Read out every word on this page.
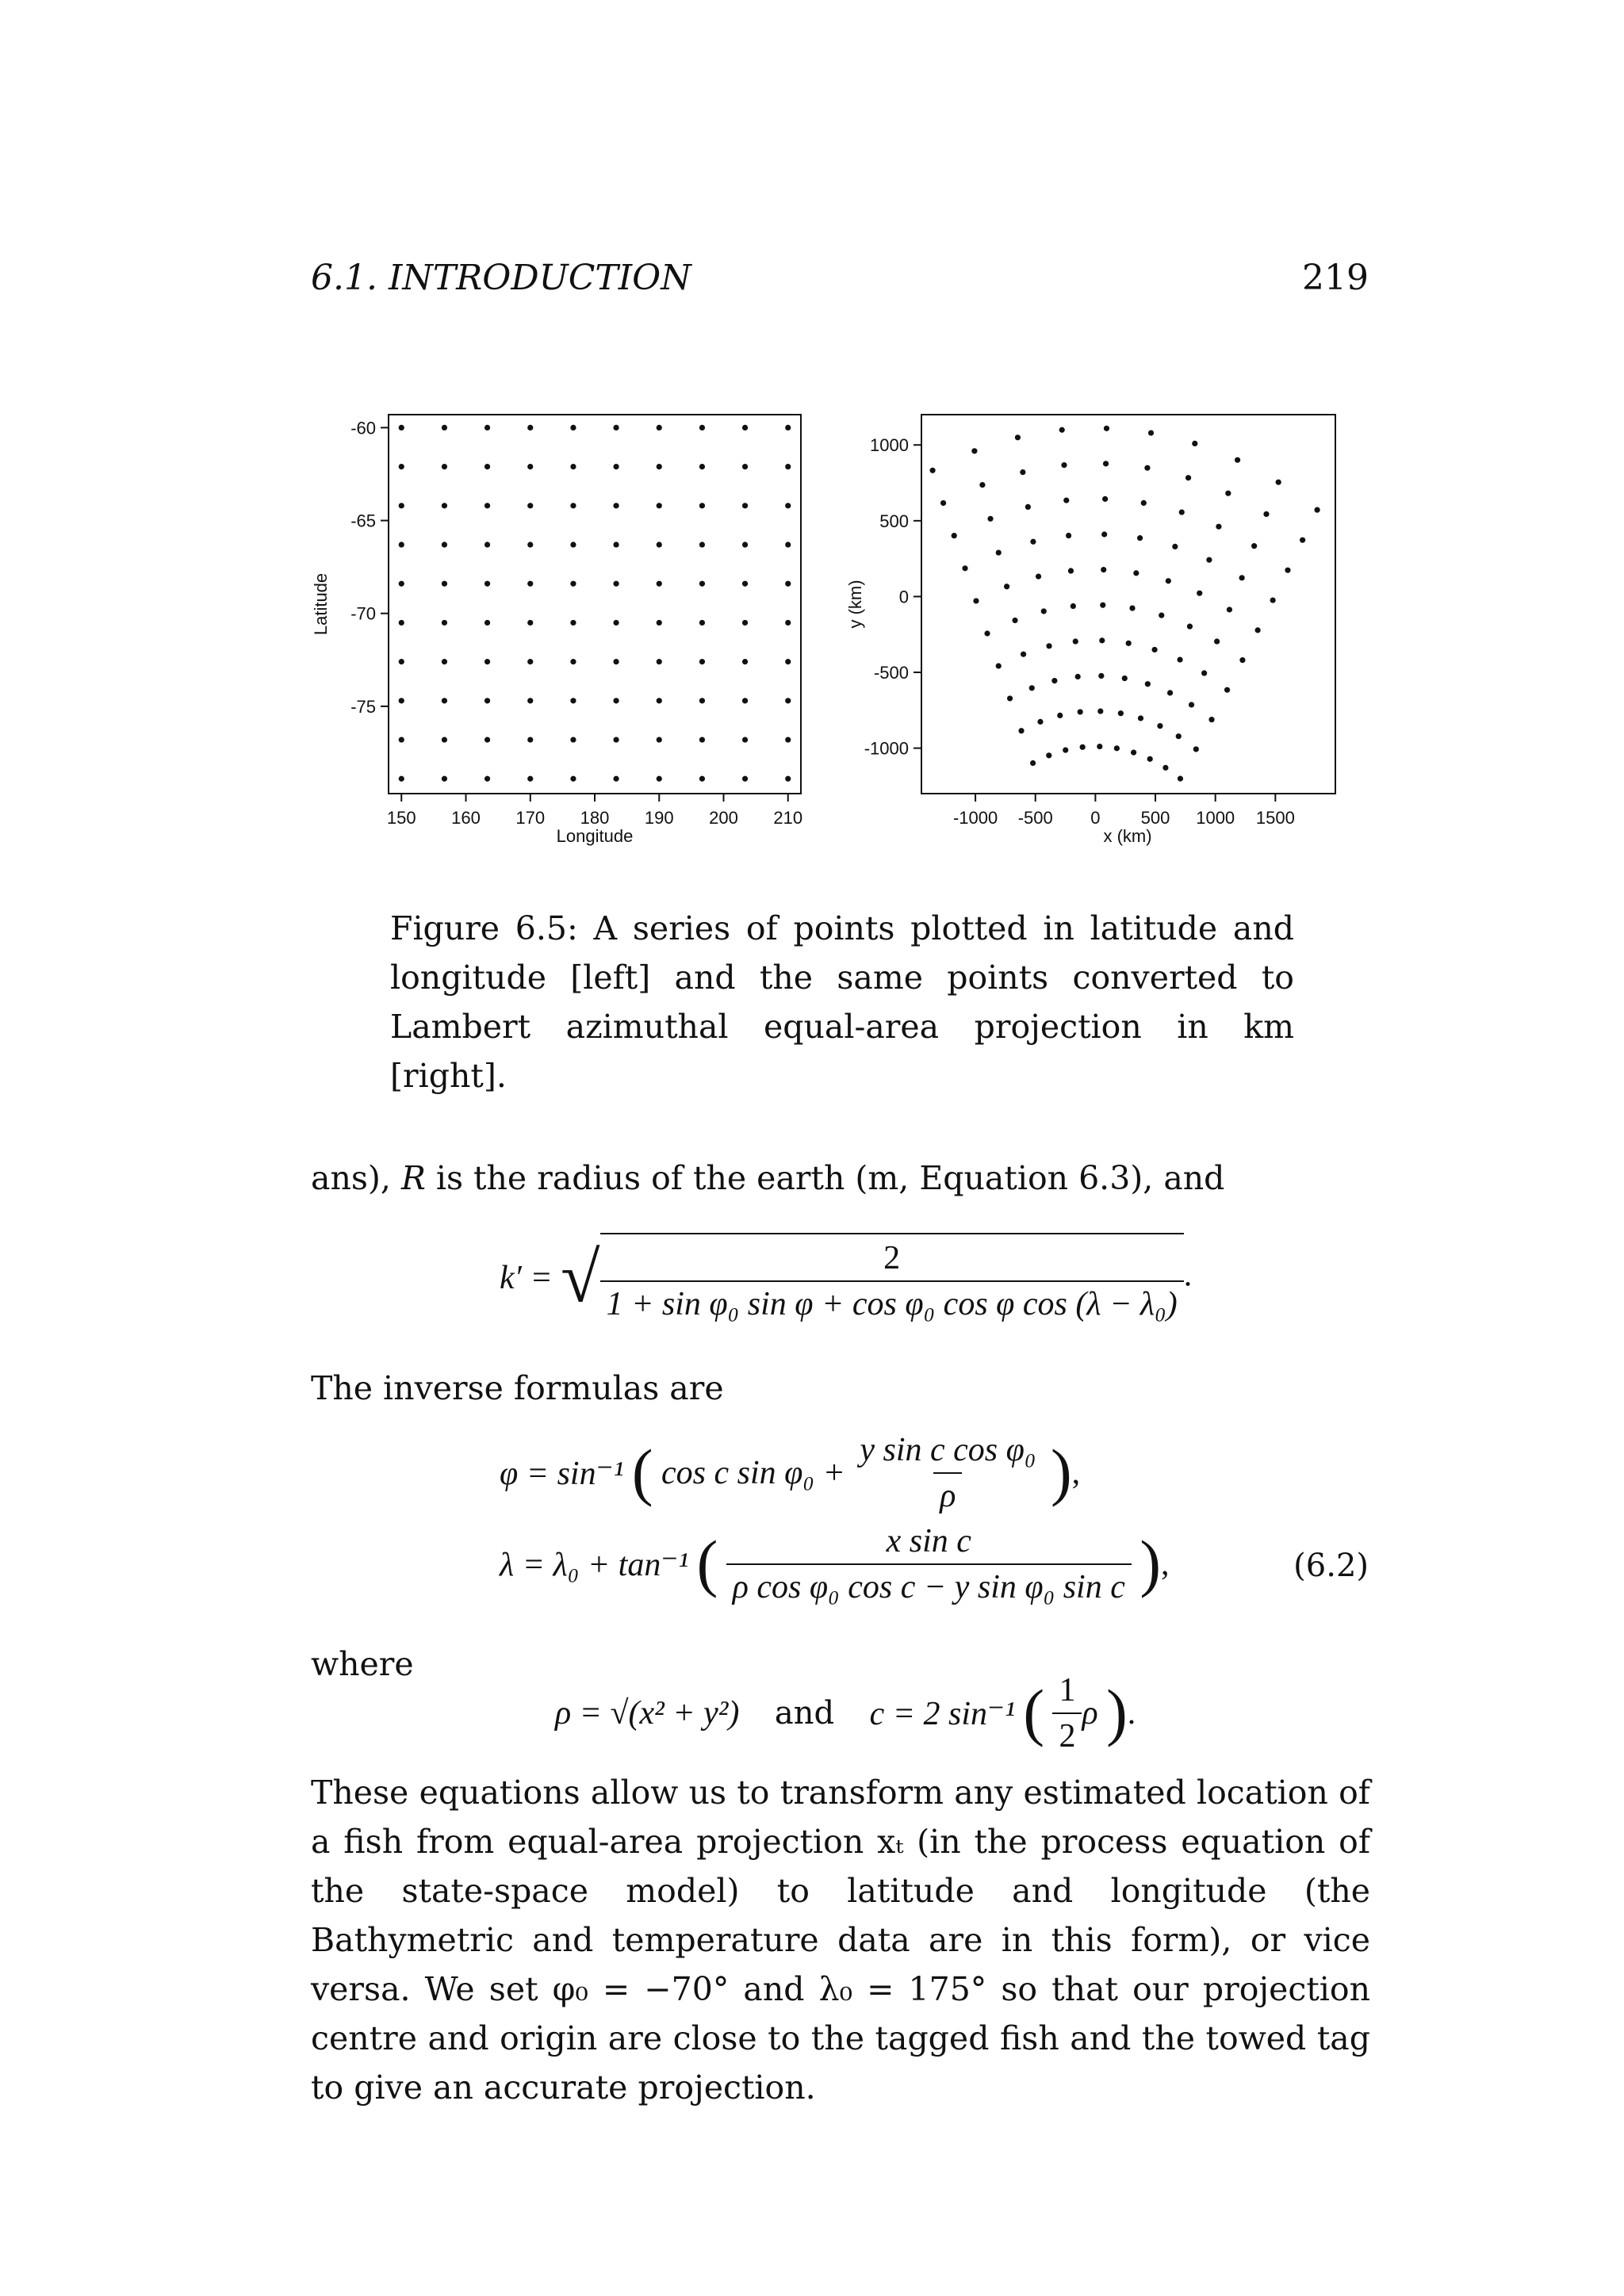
6.1. INTRODUCTION	219
150 160 170 180 190 200 210
-60
-65
-70
-75
Longitude
Latitude
-1000 -500 0 500 1000 1500
1000
500
0
-500
-1000
x (km)
y (km)
Figure 6.5: A series of points plotted in latitude and longitude [left] and the same points converted to Lambert azimuthal equal-area projection in km [right].
ans), R is the radius of the earth (m, Equation 6.3), and
k′ = √ $\frac{2}{\text{1 + sin φ₀ sin φ + cos φ₀ cos φ cos (λ − λ₀)}}$ .
The inverse formulas are
φ = sin⁻¹ ( cos c $\sin \varphi_0 + \frac{\text{y sin c cos φ₀}}{\rho}$ ),
λ = λ₀ + tan⁻¹ ( $\frac{\text{x sin c}}{\text{ρ cos φ₀ cos c − y sin φ₀ sin c}}$ ),	(6.2)
where
ρ = √(x² + y²) and c = 2 sin⁻¹ ( $\frac{1}{2}$ ρ ).
These equations allow us to transform any estimated location of a fish from equal-area projection xₜ (in the process equation of the state-space model) to latitude and longitude (the Bathymetric and temperature data are in this form), or vice versa. We set φ₀ = −70° and λ₀ = 175° so that our projection centre and origin are close to the tagged fish and the towed tag to give an accurate projection.
